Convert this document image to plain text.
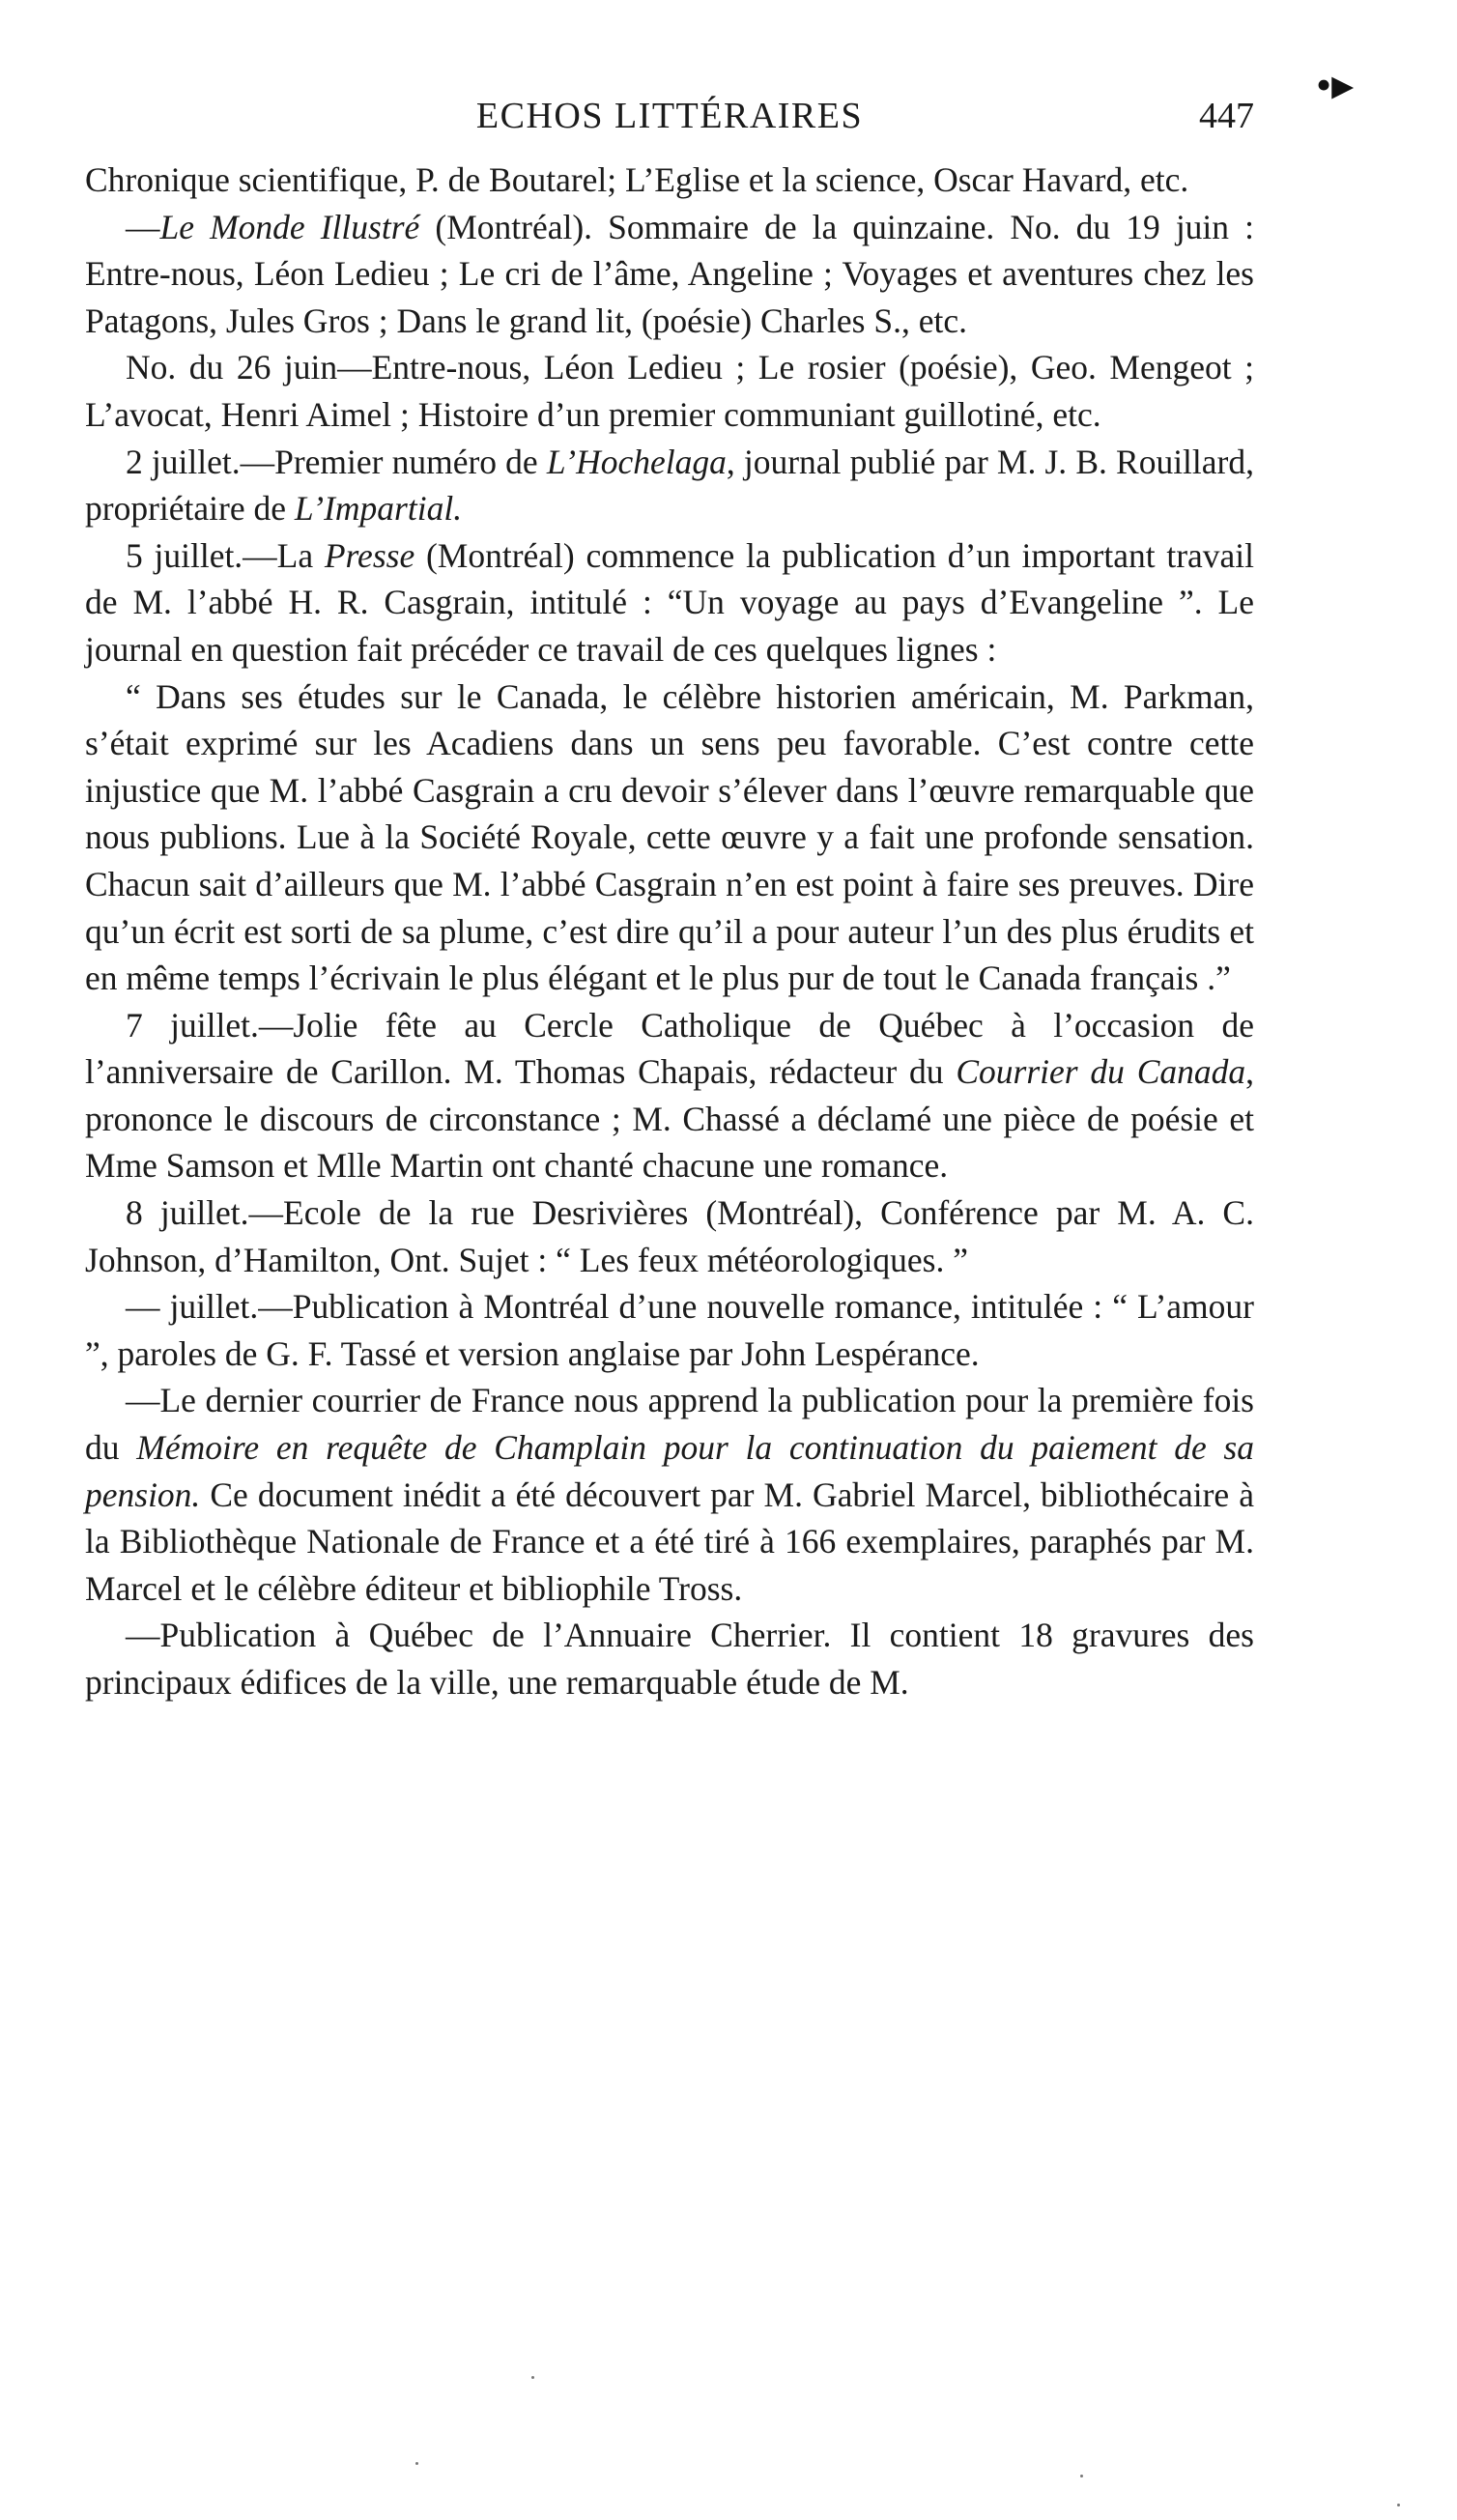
•▸
ECHOS LITTÉRAIRES	447

Chronique scientifique, P. de Boutarel; L’Eglise et la science, Oscar Havard, etc.

—Le Monde Illustré (Montréal). Sommaire de la quinzaine. No. du 19 juin : Entre-nous, Léon Ledieu ; Le cri de l’âme, Angeline ; Voyages et aventures chez les Patagons, Jules Gros ; Dans le grand lit, (poésie) Charles S., etc.

No. du 26 juin—Entre-nous, Léon Ledieu ; Le rosier (poésie), Geo. Mengeot ; L’avocat, Henri Aimel ; Histoire d’un premier communiant guillotiné, etc.

2 juillet.—Premier numéro de L’Hochelaga, journal publié par M. J. B. Rouillard, propriétaire de L’Impartial.

5 juillet.—La Presse (Montréal) commence la publication d’un important travail de M. l’abbé H. R. Casgrain, intitulé : “Un voyage au pays d’Evangeline ”. Le journal en question fait précéder ce travail de ces quelques lignes :

“ Dans ses études sur le Canada, le célèbre historien américain, M. Parkman, s’était exprimé sur les Acadiens dans un sens peu favorable. C’est contre cette injustice que M. l’abbé Casgrain a cru devoir s’élever dans l’œuvre remarquable que nous publions. Lue à la Société Royale, cette œuvre y a fait une profonde sensation. Chacun sait d’ailleurs que M. l’abbé Casgrain n’en est point à faire ses preuves. Dire qu’un écrit est sorti de sa plume, c’est dire qu’il a pour auteur l’un des plus érudits et en même temps l’écrivain le plus élégant et le plus pur de tout le Canada français .”

7 juillet.—Jolie fête au Cercle Catholique de Québec à l’occasion de l’anniversaire de Carillon. M. Thomas Chapais, rédacteur du Courrier du Canada, prononce le discours de circonstance ; M. Chassé a déclamé une pièce de poésie et Mme Samson et Mlle Martin ont chanté chacune une romance.

8 juillet.—Ecole de la rue Desrivières (Montréal), Conférence par M. A. C. Johnson, d’Hamilton, Ont. Sujet : “ Les feux météorologiques. ”

— juillet.—Publication à Montréal d’une nouvelle romance, intitulée : “ L’amour ”, paroles de G. F. Tassé et version anglaise par John Lespérance.

—Le dernier courrier de France nous apprend la publication pour la première fois du Mémoire en requête de Champlain pour la continuation du paiement de sa pension. Ce document inédit a été découvert par M. Gabriel Marcel, bibliothécaire à la Bibliothèque Nationale de France et a été tiré à 166 exemplaires, paraphés par M. Marcel et le célèbre éditeur et bibliophile Tross.

—Publication à Québec de l’Annuaire Cherrier. Il contient 18 gravures des principaux édifices de la ville, une remarquable étude de M.
